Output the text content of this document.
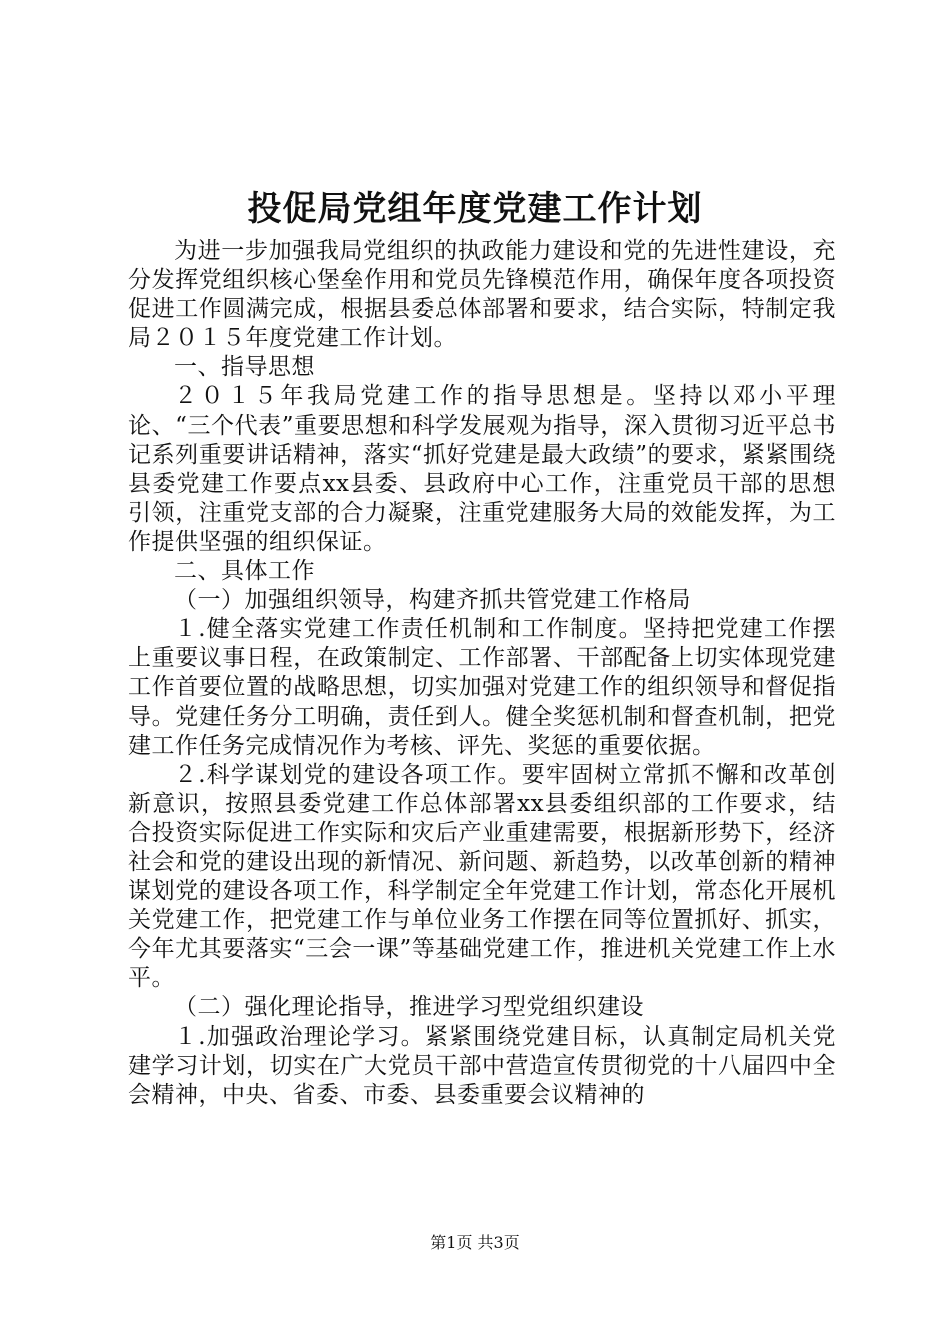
投促局党组年度党建工作计划

为进一步加强我局党组织的执政能力建设和党的先进性建设，充分发挥党组织核心堡垒作用和党员先锋模范作用，确保年度各项投资促进工作圆满完成，根据县委总体部署和要求，结合实际，特制定我局２０１５年度党建工作计划。

一、指导思想

２０１５年我局党建工作的指导思想是。坚持以邓小平理论、“三个代表”重要思想和科学发展观为指导，深入贯彻习近平总书记系列重要讲话精神，落实“抓好党建是最大政绩”的要求，紧紧围绕县委党建工作要点xx县委、县政府中心工作，注重党员干部的思想引领，注重党支部的合力凝聚，注重党建服务大局的效能发挥，为工作提供坚强的组织保证。

二、具体工作

（一）加强组织领导，构建齐抓共管党建工作格局

１.健全落实党建工作责任机制和工作制度。坚持把党建工作摆上重要议事日程，在政策制定、工作部署、干部配备上切实体现党建工作首要位置的战略思想，切实加强对党建工作的组织领导和督促指导。党建任务分工明确，责任到人。健全奖惩机制和督查机制，把党建工作任务完成情况作为考核、评先、奖惩的重要依据。

２.科学谋划党的建设各项工作。要牢固树立常抓不懈和改革创新意识，按照县委党建工作总体部署xx县委组织部的工作要求，结合投资实际促进工作实际和灾后产业重建需要，根据新形势下，经济社会和党的建设出现的新情况、新问题、新趋势，以改革创新的精神谋划党的建设各项工作，科学制定全年党建工作计划，常态化开展机关党建工作，把党建工作与单位业务工作摆在同等位置抓好、抓实，今年尤其要落实“三会一课”等基础党建工作，推进机关党建工作上水平。

（二）强化理论指导，推进学习型党组织建设

１.加强政治理论学习。紧紧围绕党建目标，认真制定局机关党建学习计划，切实在广大党员干部中营造宣传贯彻党的十八届四中全会精神，中央、省委、市委、县委重要会议精神的

第1页 共3页
